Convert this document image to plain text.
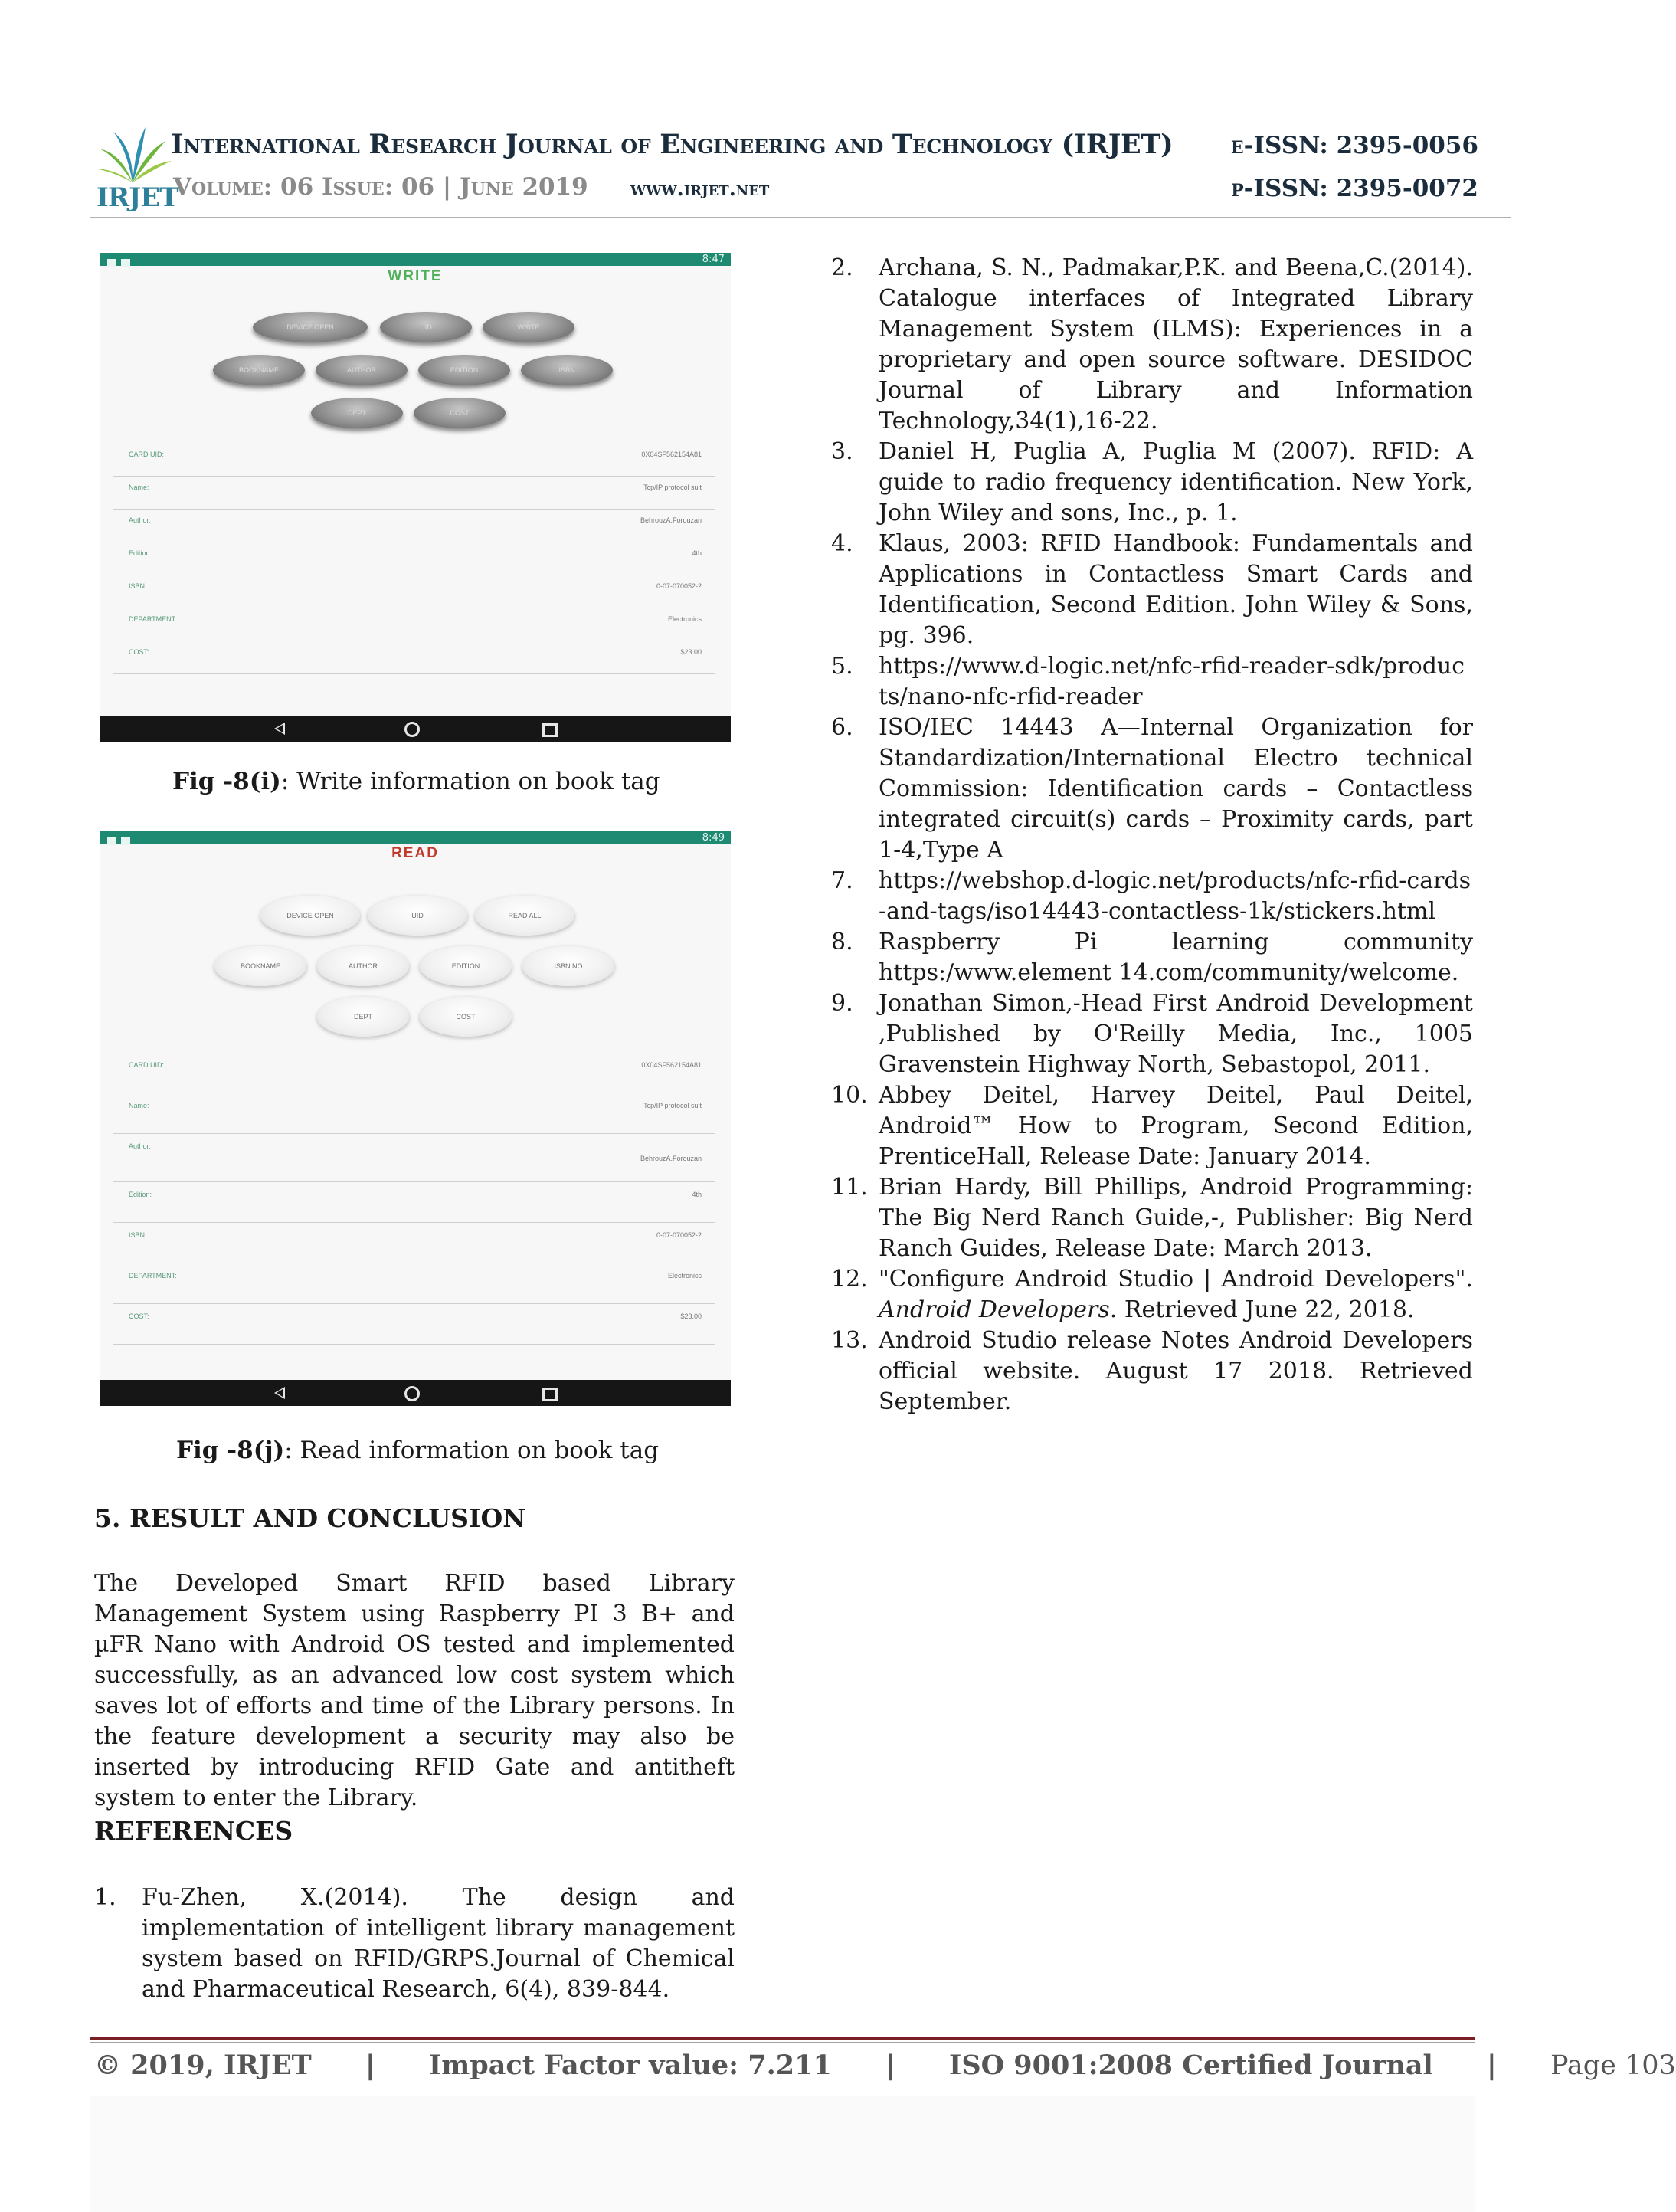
IRJET
International Research Journal of Engineering and Technology (IRJET) e-ISSN: 2395-0056
Volume: 06 Issue: 06 | June 2019 www.irjet.net	p-ISSN: 2395-0072
8:47
WRITE
DEVICE OPEN	UID	WRITE
BOOKNAME	AUTHOR	EDITION	ISBN
DEPT	COST
CARD UID:	0X04SF562154A81
Name:	Tcp/IP protocol suit
Author:	BehrouzA.Forouzan
Edition:	4th
ISBN:	0-07-070052-2
DEPARTMENT:	Electronics
COST:	$23.00
Fig -8(i): Write information on book tag
8:49
READ
DEVICE OPEN	UID	READ ALL
BOOKNAME	AUTHOR	EDITION	ISBN NO
DEPT	COST
CARD UID:	0X04SF562154A81
Name:	Tcp/IP protocol suit
Author:
BehrouzA.Forouzan
Edition:	4th
ISBN:	0-07-070052-2
DEPARTMENT:	Electronics
COST:	$23.00
Fig -8(j): Read information on book tag
5. RESULT AND CONCLUSION

The Developed Smart RFID based Library Management System using Raspberry PI 3 B+ and µFR Nano with Android OS tested and implemented successfully, as an advanced low cost system which saves lot of efforts and time of the Library persons. In the feature development a security may also be inserted by introducing RFID Gate and antitheft system to enter the Library.

REFERENCES
1. Fu-Zhen, X.(2014). The design and implementation of intelligent library management system based on RFID/GRPS.Journal of Chemical and Pharmaceutical Research, 6(4), 839-844.
2. Archana, S. N., Padmakar,P.K. and Beena,C.(2014). Catalogue interfaces of Integrated Library Management System (ILMS): Experiences in a proprietary and open source software. DESIDOC Journal of Library and Information Technology,34(1),16-22.
3. Daniel H, Puglia A, Puglia M (2007). RFID: A guide to radio frequency identification. New York, John Wiley and sons, Inc., p. 1.
4. Klaus, 2003: RFID Handbook: Fundamentals and Applications in Contactless Smart Cards and Identification, Second Edition. John Wiley & Sons, pg. 396.
5. https://www.d-logic.net/nfc-rfid-reader-sdk/products/nano-nfc-rfid-reader
6. ISO/IEC 14443 A—Internal Organization for Standardization/International Electro technical Commission: Identification cards – Contactless integrated circuit(s) cards – Proximity cards, part 1-4,Type A
7. https://webshop.d-logic.net/products/nfc-rfid-cards-and-tags/iso14443-contactless-1k/stickers.html
8. Raspberry Pi learning community https:/www.element 14.com/community/welcome.
9. Jonathan Simon,-Head First Android Development ,Published by O'Reilly Media, Inc., 1005 Gravenstein Highway North, Sebastopol, 2011.
10. Abbey Deitel, Harvey Deitel, Paul Deitel, Android™ How to Program, Second Edition, PrenticeHall, Release Date: January 2014.
11. Brian Hardy, Bill Phillips, Android Programming: The Big Nerd Ranch Guide,-, Publisher: Big Nerd Ranch Guides, Release Date: March 2013.
12. "Configure Android Studio | Android Developers". Android Developers. Retrieved June 22, 2018.
13. Android Studio release Notes Android Developers official website. August 17 2018. Retrieved September.
© 2019, IRJET | Impact Factor value: 7.211 | ISO 9001:2008 Certified Journal | Page 103
